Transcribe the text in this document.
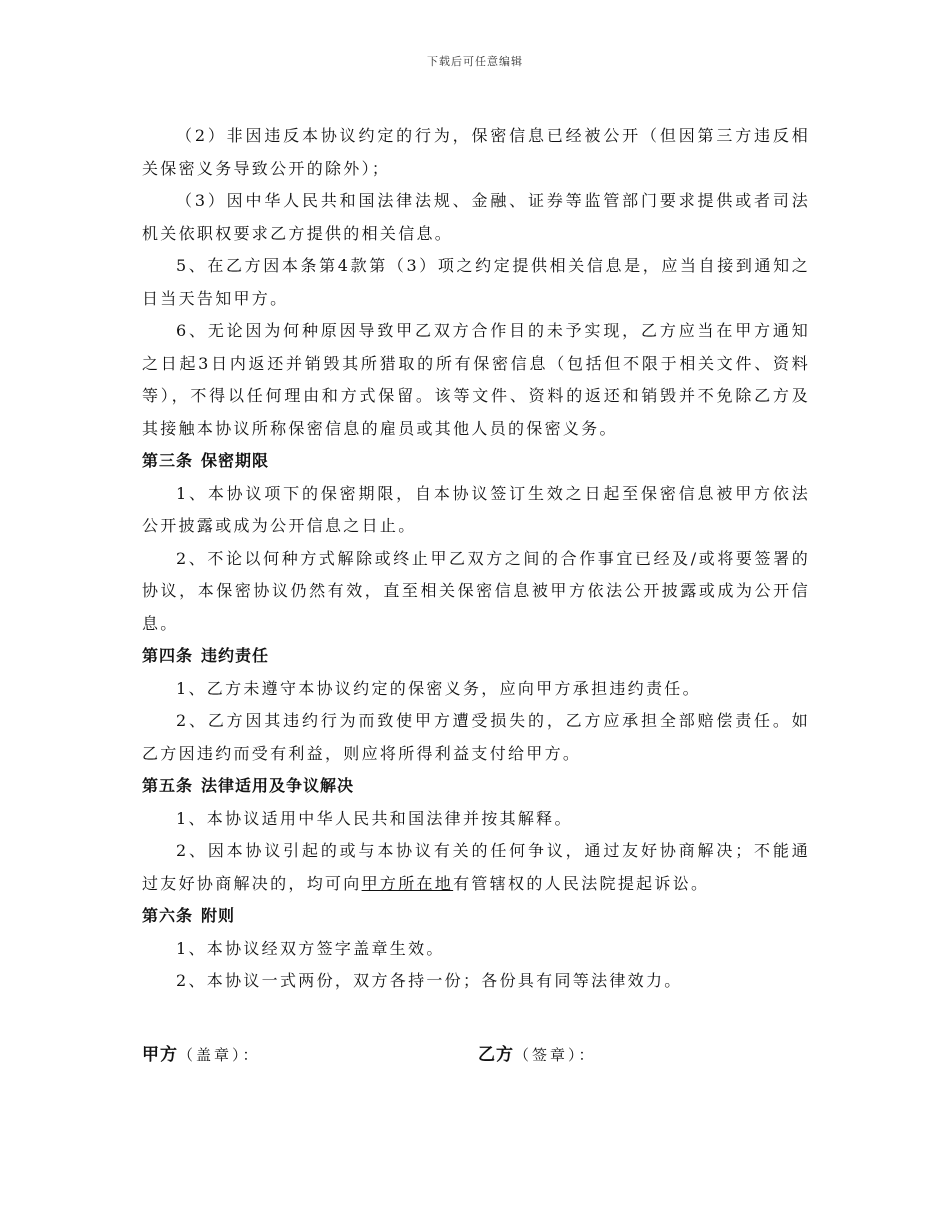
下载后可任意编辑

（2）非因违反本协议约定的行为，保密信息已经被公开（但因第三方违反相关保密义务导致公开的除外）；

（3）因中华人民共和国法律法规、金融、证券等监管部门要求提供或者司法机关依职权要求乙方提供的相关信息。

5、在乙方因本条第4款第（3）项之约定提供相关信息是，应当自接到通知之日当天告知甲方。

6、无论因为何种原因导致甲乙双方合作目的未予实现，乙方应当在甲方通知之日起3日内返还并销毁其所猎取的所有保密信息（包括但不限于相关文件、资料等），不得以任何理由和方式保留。该等文件、资料的返还和销毁并不免除乙方及其接触本协议所称保密信息的雇员或其他人员的保密义务。

第三条 保密期限

1、本协议项下的保密期限，自本协议签订生效之日起至保密信息被甲方依法公开披露或成为公开信息之日止。

2、不论以何种方式解除或终止甲乙双方之间的合作事宜已经及/或将要签署的协议，本保密协议仍然有效，直至相关保密信息被甲方依法公开披露或成为公开信息。

第四条 违约责任

1、乙方未遵守本协议约定的保密义务，应向甲方承担违约责任。

2、乙方因其违约行为而致使甲方遭受损失的，乙方应承担全部赔偿责任。如乙方因违约而受有利益，则应将所得利益支付给甲方。

第五条 法律适用及争议解决

1、本协议适用中华人民共和国法律并按其解释。

2、因本协议引起的或与本协议有关的任何争议，通过友好协商解决；不能通过友好协商解决的，均可向甲方所在地有管辖权的人民法院提起诉讼。

第六条 附则

1、本协议经双方签字盖章生效。

2、本协议一式两份，双方各持一份；各份具有同等法律效力。

甲方（盖章）：	乙方（签章）：
